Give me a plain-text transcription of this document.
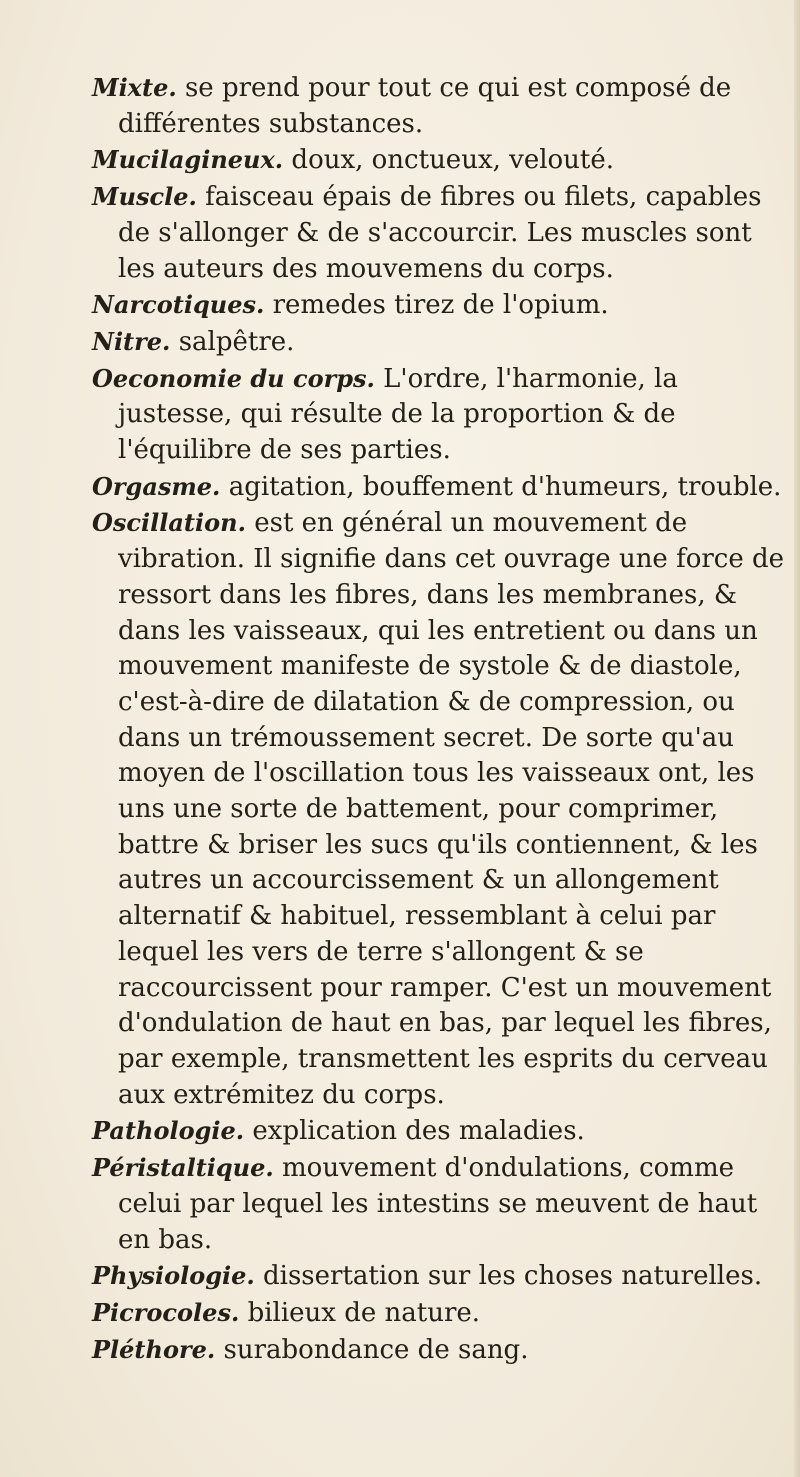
Mixte. se prend pour tout ce qui est composé de différentes substances.

Mucilagineux. doux, onctueux, velouté.

Muscle. faisceau épais de fibres ou filets, capables de s'allonger & de s'accourcir. Les muscles sont les auteurs des mouvemens du corps.

Narcotiques. remedes tirez de l'opium.

Nitre. salpêtre.

Oeconomie du corps. L'ordre, l'harmonie, la justesse, qui résulte de la proportion & de l'équilibre de ses parties.

Orgasme. agitation, bouffement d'humeurs, trouble.

Oscillation. est en général un mouvement de vibration. Il signifie dans cet ouvrage une force de ressort dans les fibres, dans les membranes, & dans les vaisseaux, qui les entretient ou dans un mouvement manifeste de systole & de diastole, c'est-à-dire de dilatation & de compression, ou dans un trémoussement secret. De sorte qu'au moyen de l'oscillation tous les vaisseaux ont, les uns une sorte de battement, pour comprimer, battre & briser les sucs qu'ils contiennent, & les autres un accourcissement & un allongement alternatif & habituel, ressemblant à celui par lequel les vers de terre s'allongent & se raccourcissent pour ramper. C'est un mouvement d'ondulation de haut en bas, par lequel les fibres, par exemple, transmettent les esprits du cerveau aux extrémitez du corps.

Pathologie. explication des maladies.

Péristaltique. mouvement d'ondulations, comme celui par lequel les intestins se meuvent de haut en bas.

Physiologie. dissertation sur les choses naturelles.

Picrocoles. bilieux de nature.

Pléthore. surabondance de sang.
